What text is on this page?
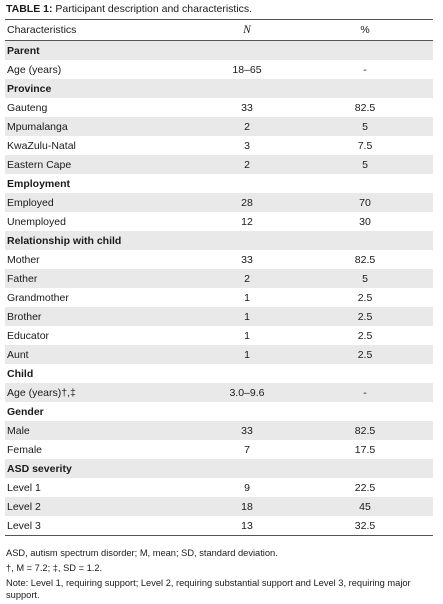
TABLE 1: Participant description and characteristics.
Characteristics	N	%
Parent
Age (years)	18–65	-
Province
Gauteng	33	82.5
Mpumalanga	2	5
KwaZulu-Natal	3	7.5
Eastern Cape	2	5
Employment
Employed	28	70
Unemployed	12	30
Relationship with child
Mother	33	82.5
Father	2	5
Grandmother	1	2.5
Brother	1	2.5
Educator	1	2.5
Aunt	1	2.5
Child
Age (years)†,‡	3.0–9.6	-
Gender
Male	33	82.5
Female	7	17.5
ASD severity
Level 1	9	22.5
Level 2	18	45
Level 3	13	32.5
ASD, autism spectrum disorder; M, mean; SD, standard deviation.
†, M = 7.2; ‡, SD = 1.2.
Note: Level 1, requiring support; Level 2, requiring substantial support and Level 3, requiring major support.
